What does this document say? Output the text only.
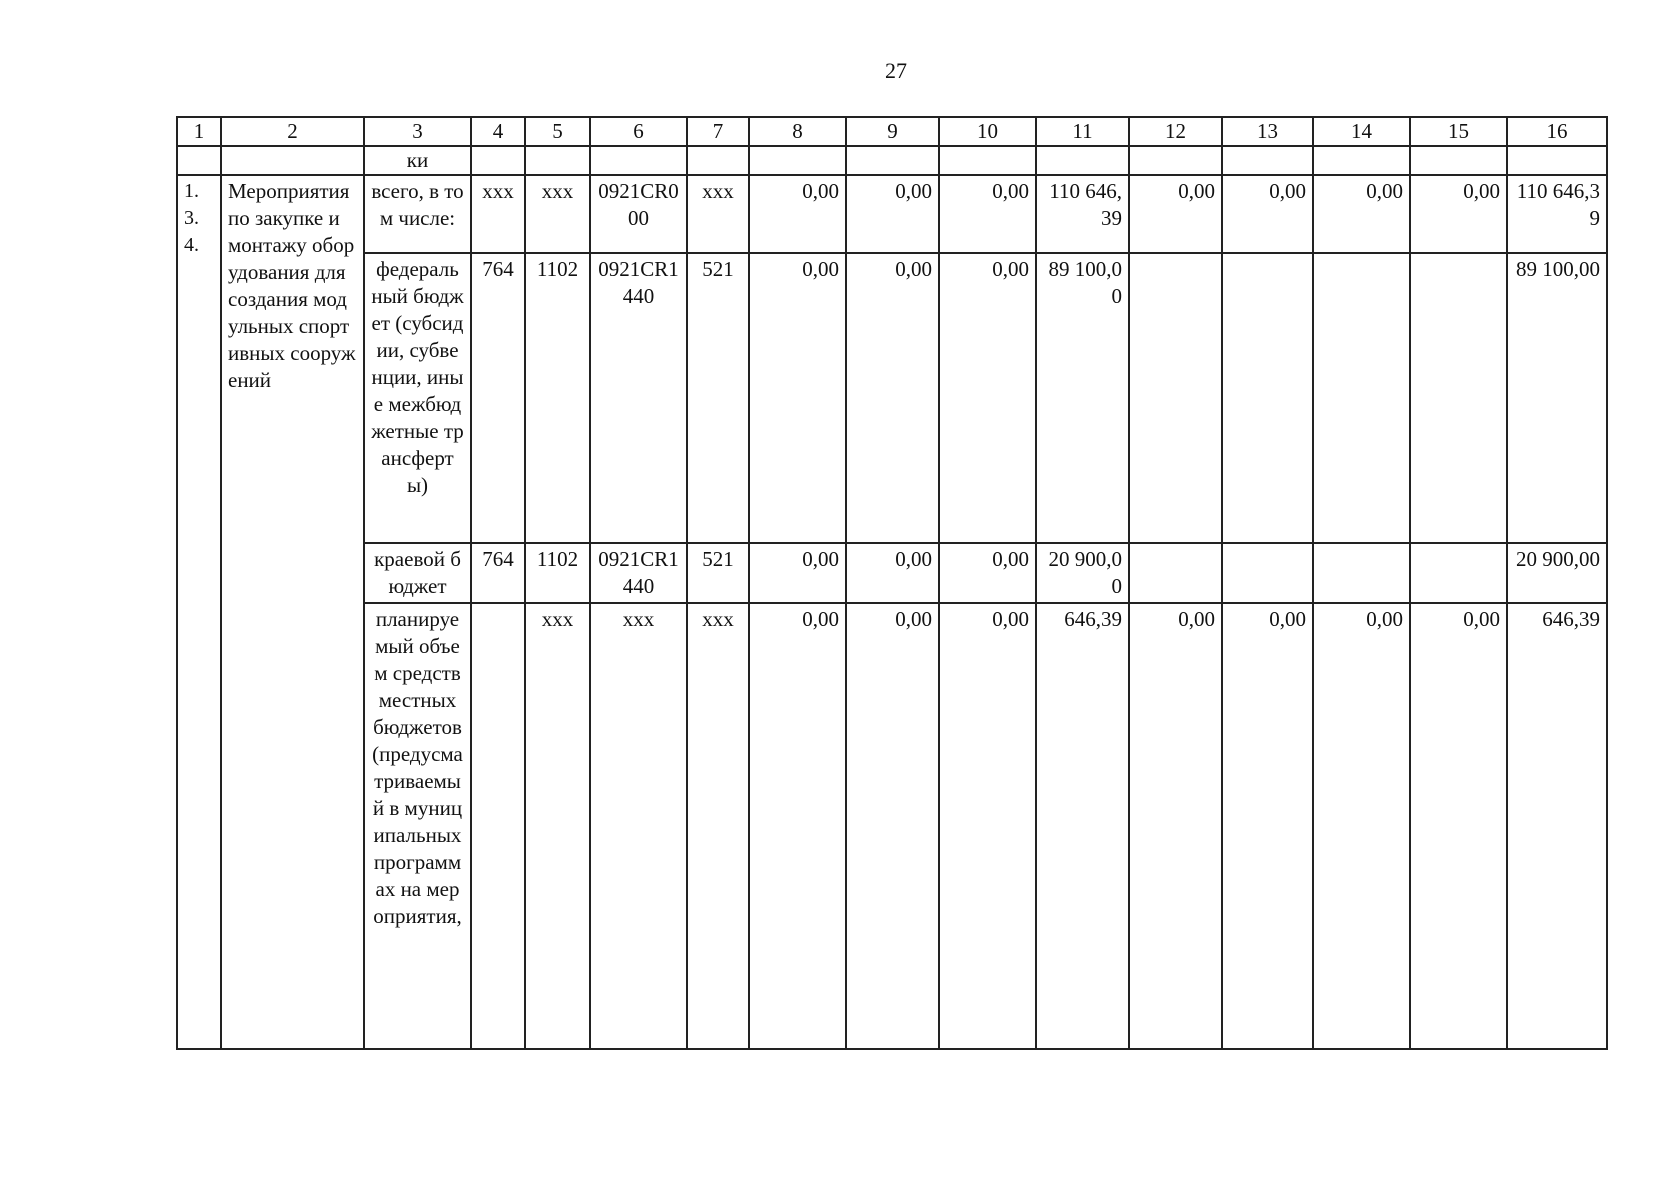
27
1	2	3	4	5	6	7	8	9	10	11	12	13	14	15	16
		ки													
1. 3. 4.	Мероприятия по закупке и монтажу оборудования для создания модульных спортивных сооружений	всего, в том числе:	ххх	ххх	0921CR000	ххх	0,00	0,00	0,00	110 646,39	0,00	0,00	0,00	0,00	110 646,39
		федеральный бюджет (субсидии, субвенции, иные межбюджетные трансферты)	764	1102	0921CR1440	521	0,00	0,00	0,00	89 100,00					89 100,00
		краевой бюджет	764	1102	0921CR1440	521	0,00	0,00	0,00	20 900,00					20 900,00
		планируемый объем средств местных бюджетов (предусматриваемый в муниципальных программах на мероприятия,		ххх	ххх	ххх	0,00	0,00	0,00	646,39	0,00	0,00	0,00	0,00	646,39
